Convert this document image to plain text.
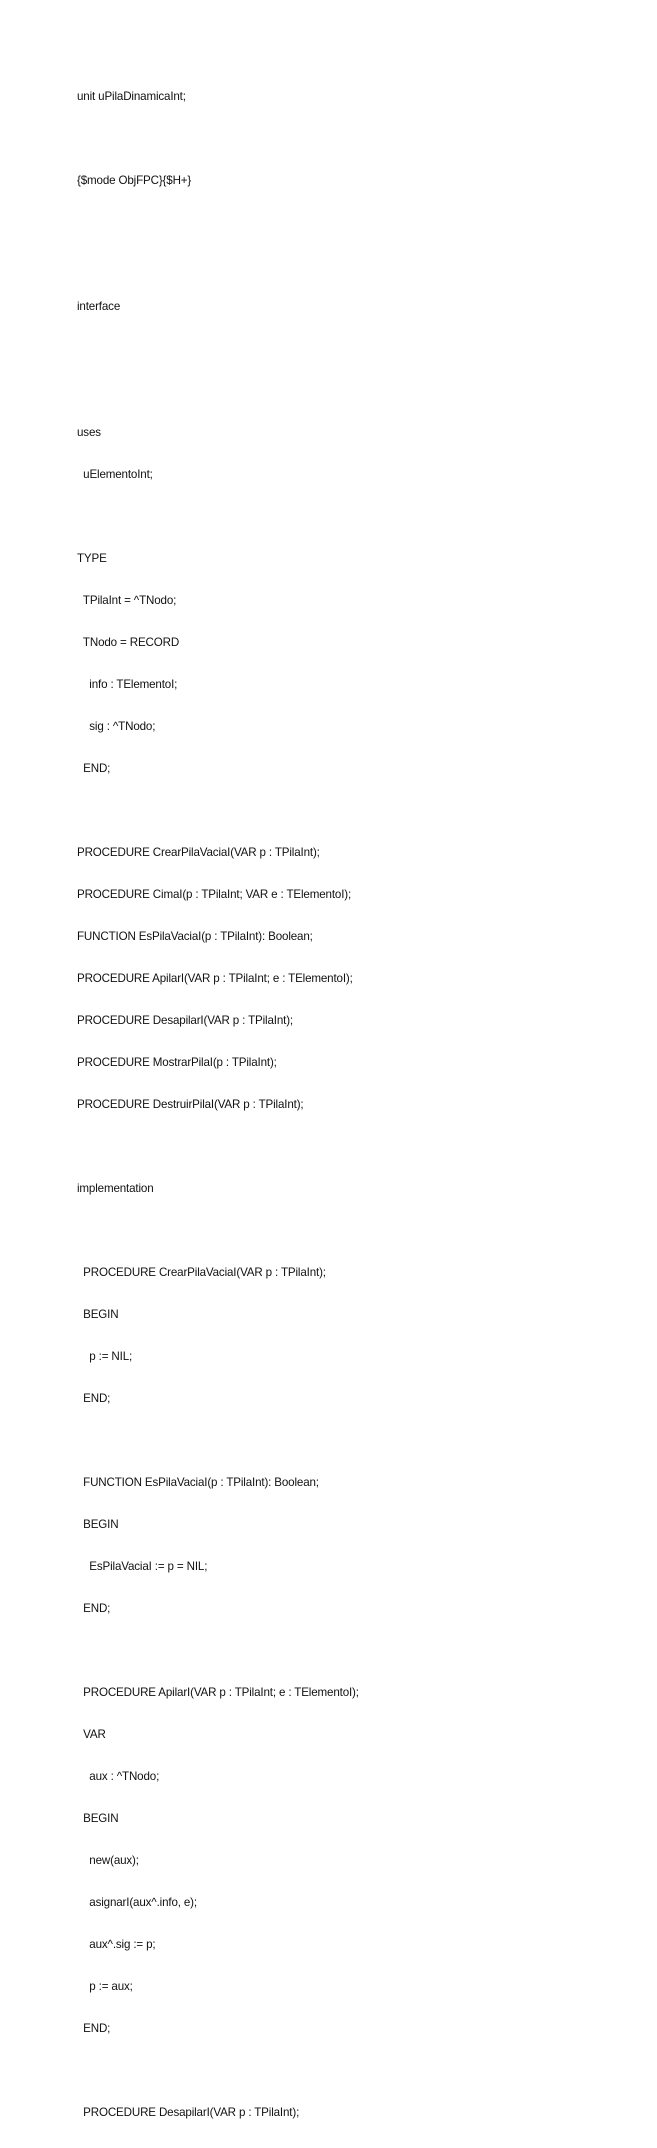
unit uPilaDinamicaInt;

{$mode ObjFPC}{$H+}

interface

uses

uElementoInt;

TYPE

TPilaInt = ^TNodo;

TNodo = RECORD

info : TElementoI;

sig : ^TNodo;

END;

PROCEDURE CrearPilaVaciaI(VAR p : TPilaInt);

PROCEDURE CimaI(p : TPilaInt; VAR e : TElementoI);

FUNCTION EsPilaVaciaI(p : TPilaInt): Boolean;

PROCEDURE ApilarI(VAR p : TPilaInt; e : TElementoI);

PROCEDURE DesapilarI(VAR p : TPilaInt);

PROCEDURE MostrarPilaI(p : TPilaInt);

PROCEDURE DestruirPilaI(VAR p : TPilaInt);

implementation

PROCEDURE CrearPilaVaciaI(VAR p : TPilaInt);

BEGIN

p := NIL;

END;

FUNCTION EsPilaVaciaI(p : TPilaInt): Boolean;

BEGIN

EsPilaVaciaI := p = NIL;

END;

PROCEDURE ApilarI(VAR p : TPilaInt; e : TElementoI);

VAR

aux : ^TNodo;

BEGIN

new(aux);

asignarI(aux^.info, e);

aux^.sig := p;

p := aux;

END;

PROCEDURE DesapilarI(VAR p : TPilaInt);
